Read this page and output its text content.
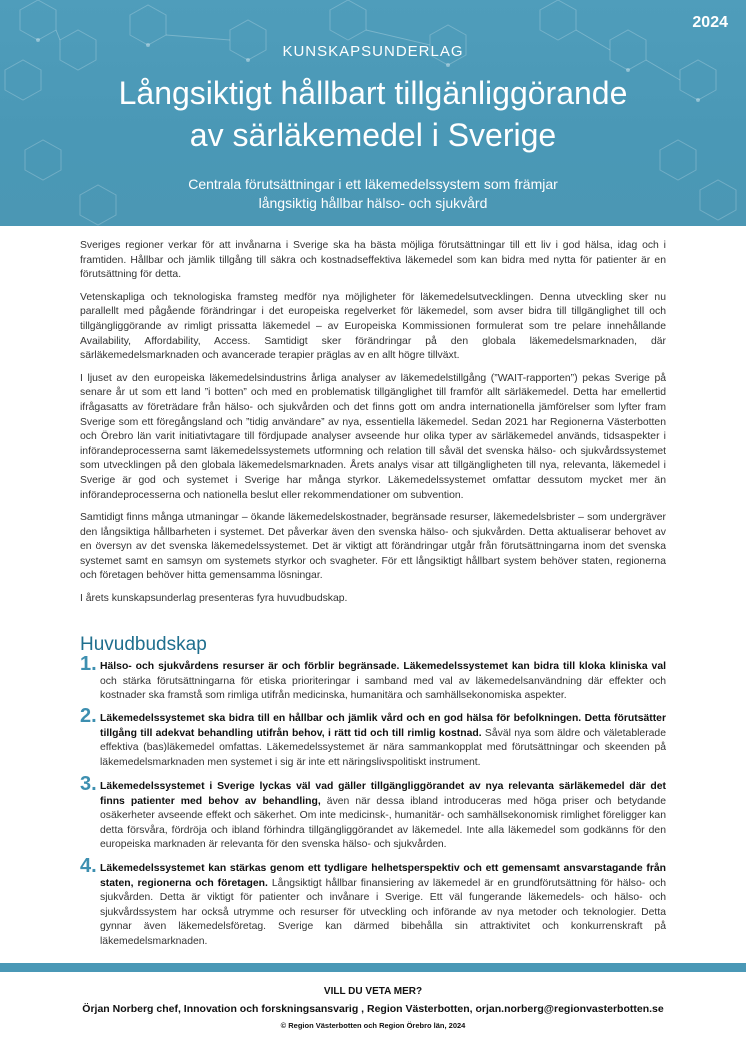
2024
KUNSKAPSUNDERLAG
Långsiktigt hållbart tillgänliggörande
av särläkemedel i Sverige
Centrala förutsättningar i ett läkemedelssystem som främjar
långsiktig hållbar hälso- och sjukvård

Sveriges regioner verkar för att invånarna i Sverige ska ha bästa möjliga förutsättningar till ett liv i god hälsa, idag och i framtiden. Hållbar och jämlik tillgång till säkra och kostnadseffektiva läkemedel som kan bidra med nytta för patienter är en förutsättning för detta.

Vetenskapliga och teknologiska framsteg medför nya möjligheter för läkemedelsutvecklingen. Denna utveckling sker nu parallellt med pågående förändringar i det europeiska regelverket för läkemedel, som avser bidra till tillgänglighet till och tillgängliggörande av rimligt prissatta läkemedel – av Europeiska Kommissionen formulerat som tre pelare innehållande Availability, Affordability, Access. Samtidigt sker förändringar på den globala läkemedelsmarknaden, där särläkemedelsmarknaden och avancerade terapier präglas av en allt högre tillväxt.

I ljuset av den europeiska läkemedelsindustrins årliga analyser av läkemedelstillgång (”WAIT-rapporten”) pekas Sverige på senare år ut som ett land ”i botten” och med en problematisk tillgänglighet till framför allt särläkemedel. Detta har emellertid ifrågasatts av företrädare från hälso- och sjukvården och det finns gott om andra internationella jämförelser som lyfter fram Sverige som ett föregångsland och ”tidig användare” av nya, essentiella läkemedel. Sedan 2021 har Regionerna Västerbotten och Örebro län varit initiativtagare till fördjupade analyser avseende hur olika typer av särläkemedel används, tidsaspekter i införandeprocesserna samt läkemedelssystemets utformning och relation till såväl det svenska hälso- och sjukvårdssystemet som utvecklingen på den globala läkemedelsmarknaden. Årets analys visar att tillgängligheten till nya, relevanta, läkemedel i Sverige är god och systemet i Sverige har många styrkor. Läkemedelssystemet omfattar dessutom mycket mer än införandeprocesserna och nationella beslut eller rekommendationer om subvention.

Samtidigt finns många utmaningar – ökande läkemedelskostnader, begränsade resurser, läkemedelsbrister – som undergräver den långsiktiga hållbarheten i systemet. Det påverkar även den svenska hälso- och sjukvården. Detta aktualiserar behovet av en översyn av det svenska läkemedelssystemet. Det är viktigt att förändringar utgår från förutsättningarna inom det svenska systemet samt en samsyn om systemets styrkor och svagheter. För ett långsiktigt hållbart system behöver staten, regionerna och företagen behöver hitta gemensamma lösningar.

I årets kunskapsunderlag presenteras fyra huvudbudskap.

Huvudbudskap
1. Hälso- och sjukvårdens resurser är och förblir begränsade. Läkemedelssystemet kan bidra till kloka kliniska val och stärka förutsättningarna för etiska prioriteringar i samband med val av läkemedelsanvändning där effekter och kostnader ska framstå som rimliga utifrån medicinska, humanitära och samhällsekonomiska aspekter.
2. Läkemedelssystemet ska bidra till en hållbar och jämlik vård och en god hälsa för befolkningen. Detta förutsätter tillgång till adekvat behandling utifrån behov, i rätt tid och till rimlig kostnad. Såväl nya som äldre och väletablerade effektiva (bas)läkemedel omfattas. Läkemedelssystemet är nära sammankopplat med förutsättningar och skeenden på läkemedelsmarknaden men systemet i sig är inte ett näringslivspolitiskt instrument.
3. Läkemedelssystemet i Sverige lyckas väl vad gäller tillgängliggörandet av nya relevanta särläkemedel där det finns patienter med behov av behandling, även när dessa ibland introduceras med höga priser och betydande osäkerheter avseende effekt och säkerhet. Om inte medicinsk-, humanitär- och samhällsekonomisk rimlighet föreligger kan detta försvåra, fördröja och ibland förhindra tillgängliggörandet av läkemedel. Inte alla läkemedel som godkänns för den europeiska marknaden är relevanta för den svenska hälso- och sjukvården.
4. Läkemedelssystemet kan stärkas genom ett tydligare helhetsperspektiv och ett gemensamt ansvarstagande från staten, regionerna och företagen. Långsiktigt hållbar finansiering av läkemedel är en grundförutsättning för hälso- och sjukvården. Detta är viktigt för patienter och invånare i Sverige. Ett väl fungerande läkemedels- och hälso- och sjukvårdssystem har också utrymme och resurser för utveckling och införande av nya metoder och teknologier. Detta gynnar även läkemedelsföretag. Sverige kan därmed bibehålla sin attraktivitet och konkurrenskraft på läkemedelsmarknaden.
VILL DU VETA MER?
Örjan Norberg chef, Innovation och forskningsansvarig , Region Västerbotten, orjan.norberg@regionvasterbotten.se
© Region Västerbotten och Region Örebro län, 2024
